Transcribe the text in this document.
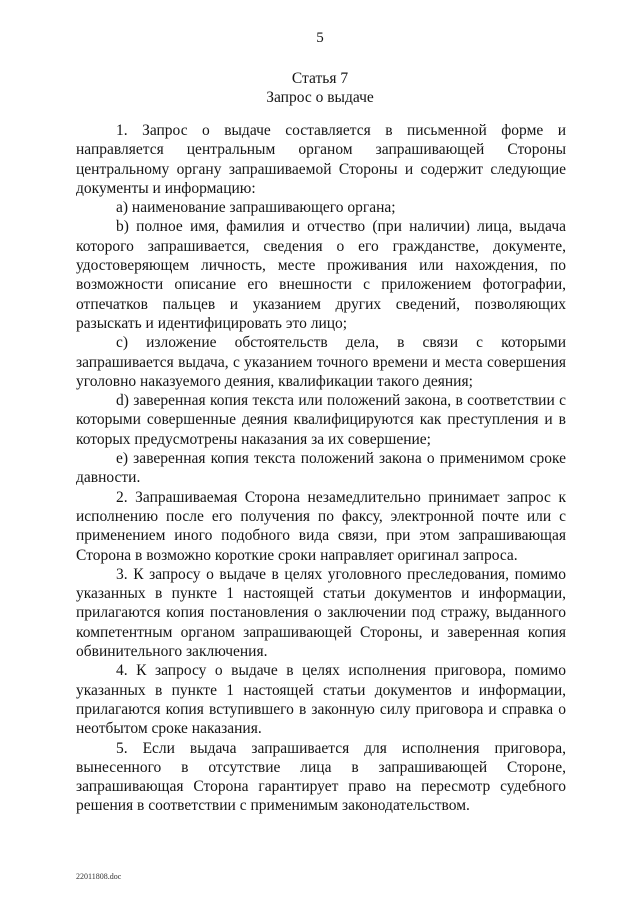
5
Статья 7
Запрос о выдаче

1. Запрос о выдаче составляется в письменной форме и направляется центральным органом запрашивающей Стороны центральному органу запрашиваемой Стороны и содержит следующие документы и информацию:

а) наименование запрашивающего органа;

b) полное имя, фамилия и отчество (при наличии) лица, выдача которого запрашивается, сведения о его гражданстве, документе, удостоверяющем личность, месте проживания или нахождения, по возможности описание его внешности с приложением фотографии, отпечатков пальцев и указанием других сведений, позволяющих разыскать и идентифицировать это лицо;

c) изложение обстоятельств дела, в связи с которыми запрашивается выдача, с указанием точного времени и места совершения уголовно наказуемого деяния, квалификации такого деяния;

d) заверенная копия текста или положений закона, в соответствии с которыми совершенные деяния квалифицируются как преступления и в которых предусмотрены наказания за их совершение;

е) заверенная копия текста положений закона о применимом сроке давности.

2. Запрашиваемая Сторона незамедлительно принимает запрос к исполнению после его получения по факсу, электронной почте или с применением иного подобного вида связи, при этом запрашивающая Сторона в возможно короткие сроки направляет оригинал запроса.

3. К запросу о выдаче в целях уголовного преследования, помимо указанных в пункте 1 настоящей статьи документов и информации, прилагаются копия постановления о заключении под стражу, выданного компетентным органом запрашивающей Стороны, и заверенная копия обвинительного заключения.

4. К запросу о выдаче в целях исполнения приговора, помимо указанных в пункте 1 настоящей статьи документов и информации, прилагаются копия вступившего в законную силу приговора и справка о неотбытом сроке наказания.

5. Если выдача запрашивается для исполнения приговора, вынесенного в отсутствие лица в запрашивающей Стороне, запрашивающая Сторона гарантирует право на пересмотр судебного решения в соответствии с применимым законодательством.

22011808.doc
